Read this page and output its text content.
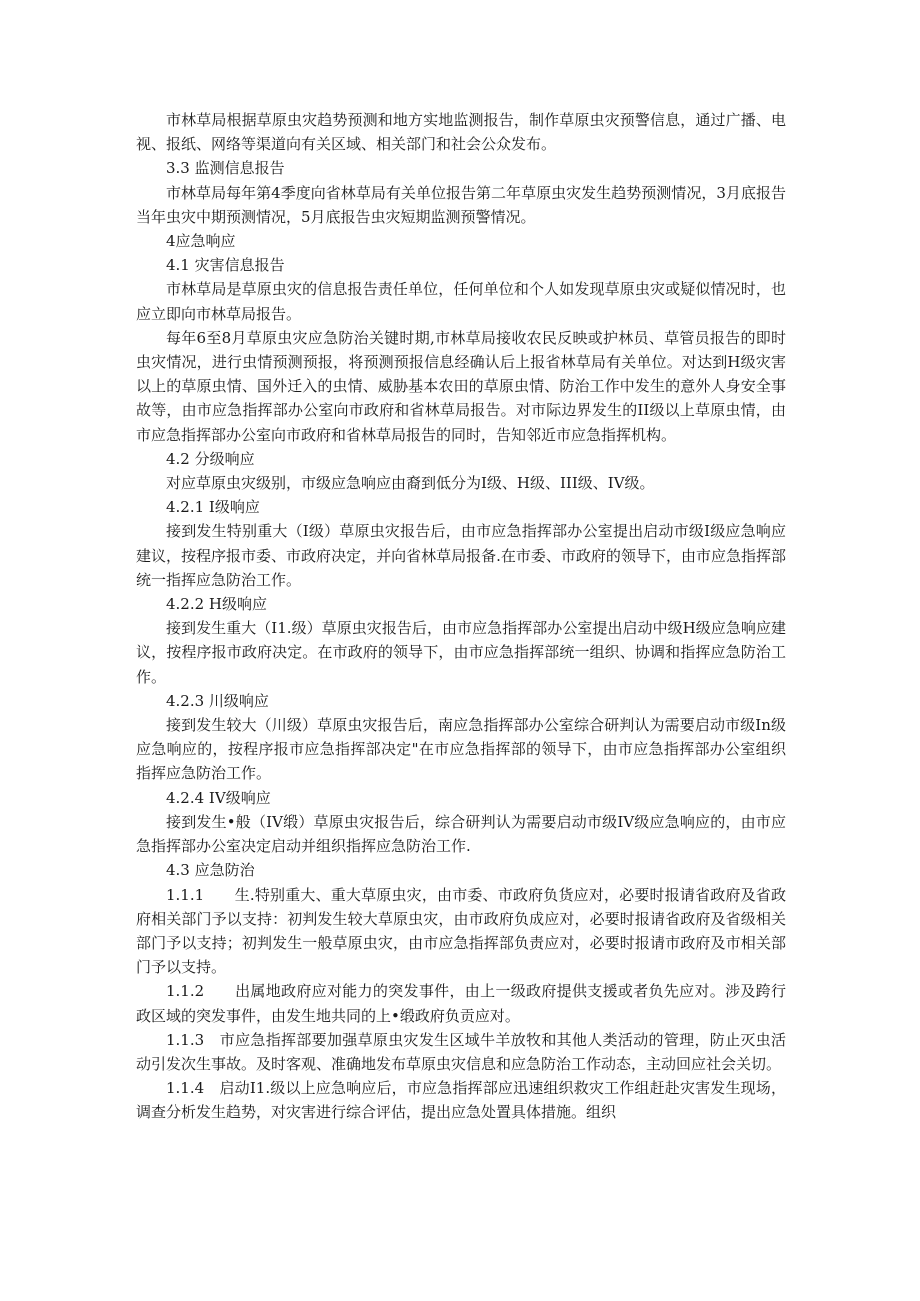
市林草局根据草原虫灾趋势预测和地方实地监测报告，制作草原虫灾预警信息，通过广播、电视、报纸、网络等渠道向有关区域、相关部门和社会公众发布。

3.3 监测信息报告

市林草局每年第4季度向省林草局有关单位报告第二年草原虫灾发生趋势预测情况，3月底报告当年虫灾中期预测情况，5月底报告虫灾短期监测预警情况。

4应急响应

4.1 灾害信息报告

市林草局是草原虫灾的信息报告责任单位，任何单位和个人如发现草原虫灾或疑似情况时，也应立即向市林草局报告。

每年6至8月草原虫灾应急防治关键时期,市林草局接收农民反映或护林员、草管员报告的即时虫灾情况，进行虫情预测预报，将预测预报信息经确认后上报省林草局有关单位。对达到H级灾害以上的草原虫情、国外迁入的虫情、威胁基本农田的草原虫情、防治工作中发生的意外人身安全事故等，由市应急指挥部办公室向市政府和省林草局报告。对市际边界发生的II级以上草原虫情，由市应急指挥部办公室向市政府和省林草局报告的同时，告知邻近市应急指挥机构。

4.2 分级响应

对应草原虫灾级别，市级应急响应由裔到低分为I级、H级、III级、IV级。

4.2.1 I级响应

接到发生特别重大（I级）草原虫灾报告后，由市应急指挥部办公室提出启动市级I级应急响应建议，按程序报市委、市政府决定，并向省林草局报备.在市委、市政府的领导下，由市应急指挥部统一指挥应急防治工作。

4.2.2 H级响应

接到发生重大（I1.级）草原虫灾报告后，由市应急指挥部办公室提出启动中级H级应急响应建议，按程序报市政府决定。在市政府的领导下，由市应急指挥部统一组织、协调和指挥应急防治工作。

4.2.3 川级响应

接到发生较大（川级）草原虫灾报告后，南应急指挥部办公室综合研判认为需要启动市级In级应急响应的，按程序报市应急指挥部决定"在市应急指挥部的领导下，由市应急指挥部办公室组织指挥应急防治工作。

4.2.4 IV级响应

接到发生•般（IV缎）草原虫灾报告后，综合研判认为需要启动市级IV级应急响应的，由市应急指挥部办公室决定启动并组织指挥应急防治工作.

4.3 应急防治

1.1.1　　生.特别重大、重大草原虫灾，由市委、市政府负货应对，必要时报请省政府及省政府相关部门予以支持：初判发生较大草原虫灾，由市政府负成应对，必要时报请省政府及省级相关部门予以支持；初判发生一般草原虫灾，由市应急指挥部负责应对，必要时报请市政府及市相关部门予以支持。

1.1.2　　出属地政府应对能力的突发事件，由上一级政府提供支援或者负先应对。涉及跨行政区域的突发事件，由发生地共同的上•缎政府负贡应对。

1.1.3　市应急指挥部要加强草原虫灾发生区域牛羊放牧和其他人类活动的管理，防止灭虫活动引发次生事故。及时客观、准确地发布草原虫灾信息和应急防治工作动态，主动回应社会关切。

1.1.4　启动I1.级以上应急响应后，市应急指挥部应迅速组织救灾工作组赶赴灾害发生现场，调查分析发生趋势，对灾害进行综合评估，提出应急处置具体措施。组织
